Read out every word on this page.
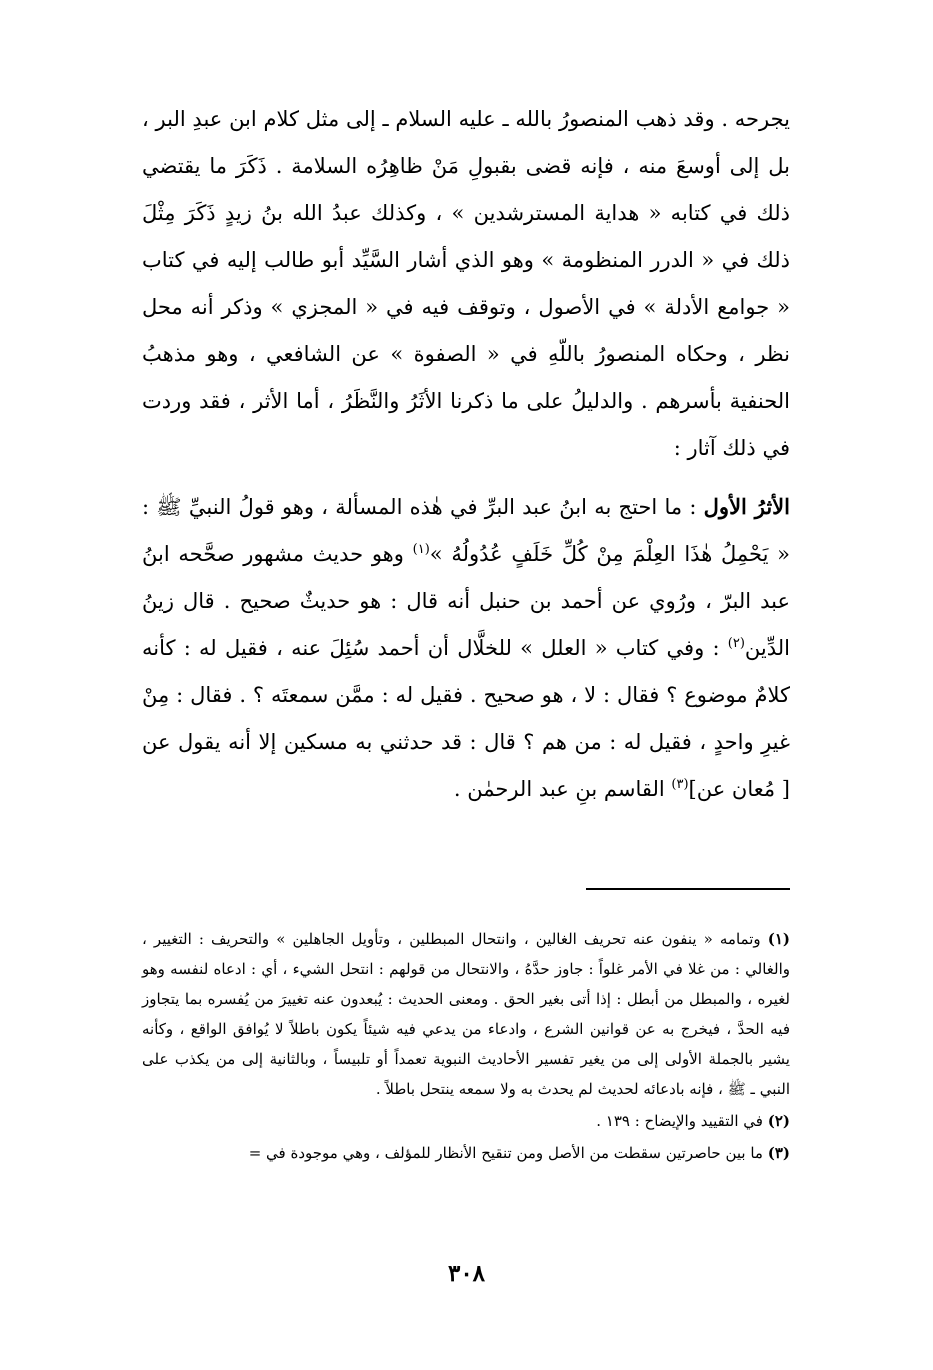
يجرحه . وقد ذهب المنصورُ بالله ـ عليه السلام ـ إلى مثل كلام ابن عبدِ البر ، بل إلى أوسعَ منه ، فإنه قضى بقبولِ مَنْ ظاهِرُه السلامة . ذَكَرَ ما يقتضي ذلك في كتابه « هداية المسترشدين » ، وكذلك عبدُ الله بنُ زيدٍ ذَكَرَ مِثْلَ ذلك في « الدرر المنظومة » وهو الذي أشار السَّيِّد أبو طالب إليه في كتاب « جوامع الأدلة » في الأصول ، وتوقف فيه في « المجزي » وذكر أنه محل نظر ، وحكاه المنصورُ باللّهِ في « الصفوة » عن الشافعي ، وهو مذهبُ الحنفية بأسرهم . والدليلُ على ما ذكرنا الأثَرُ والنَّظَرُ ، أما الأثر ، فقد وردت في ذلك آثار :

الأثرُ الأول : ما احتج به ابنُ عبد البرِّ في هٰذه المسألة ، وهو قولُ النبيِّ ﷺ : « يَحْمِلُ هٰذَا العِلْمَ مِنْ كُلِّ خَلَفٍ عُدُولُهُ »$^{(١)}$ وهو حديث مشهور صحَّحه ابنُ عبد البرّ ، ورُوي عن أحمد بن حنبل أنه قال : هو حديثٌ صحيح . قال زينُ الدِّين$^{(٢)}$ : وفي كتاب « العلل » للخلَّال أن أحمد سُئِلَ عنه ، فقيل له : كأنه كلامٌ موضوع ؟ فقال : لا ، هو صحيح . فقيل له : ممَّن سمعتَه ؟ . فقال : مِنْ غيرِ واحدٍ ، فقيل له : من هم ؟ قال : قد حدثني به مسكين إلا أنه يقول عن [ مُعان عن]$^{(٣)}$ القاسم بنِ عبد الرحمٰن .

(١) وتمامه « ينفون عنه تحريف الغالين ، وانتحال المبطلين ، وتأويل الجاهلين » والتحريف : التغيير ، والغالي : من غلا في الأمر غلواً : جاوز حدَّهُ ، والانتحال من قولهم : انتحل الشيء ، أي : ادعاه لنفسه وهو لغيره ، والمبطل من أبطل : إذا أتى بغير الحق . ومعنى الحديث : يُبعدون عنه تغييرَ من يُفسره بما يتجاوز فيه الحدَّ ، فيخرج به عن قوانين الشرع ، وادعاء من يدعي فيه شيئاً يكون باطلاً لا يُوافق الواقع ، وكأنه يشير بالجملة الأولى إلى من يغير تفسير الأحاديث النبوية تعمداً أو تلبيساً ، وبالثانية إلى من يكذب على النبي ـ ﷺ ، فإنه بادعائه لحديث لم يحدث به ولا سمعه ينتحل باطلاً .

(٢) في التقييد والإيضاح : ١٣٩ .

(٣) ما بين حاصرتين سقطت من الأصل ومن تنقيح الأنظار للمؤلف ، وهي موجودة في =

٣٠٨
